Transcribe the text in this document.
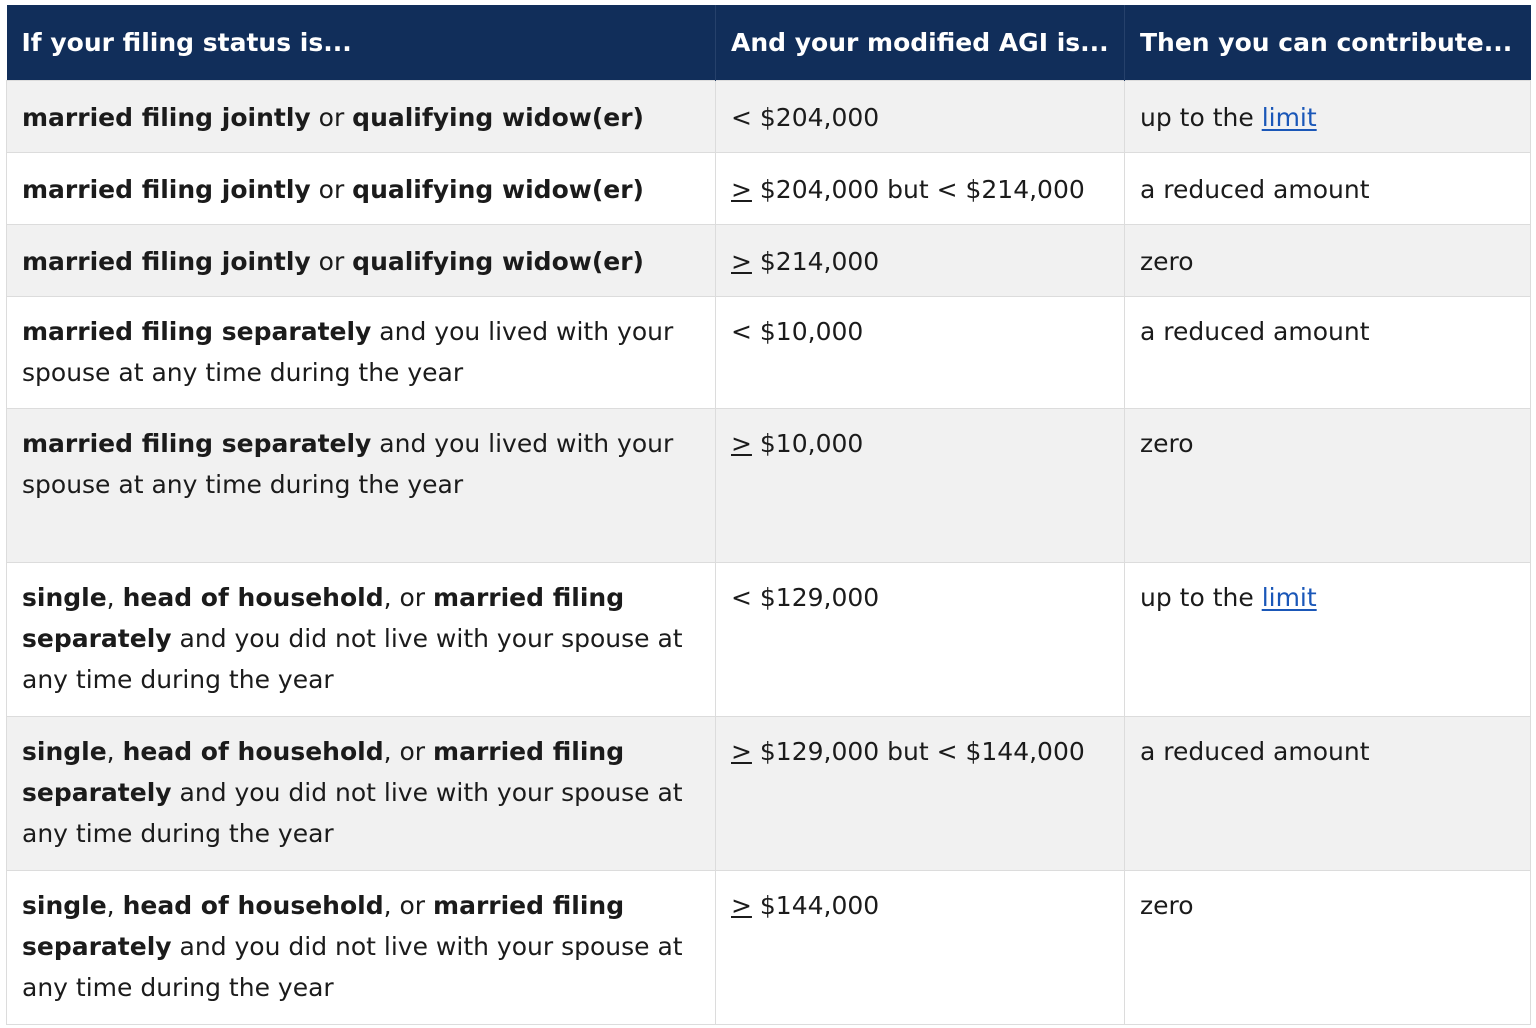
If your filing status is...	And your modified AGI is...	Then you can contribute...
married filing jointly or qualifying widow(er)	< $204,000	up to the limit
married filing jointly or qualifying widow(er)	> $204,000 but < $214,000	a reduced amount
married filing jointly or qualifying widow(er)	> $214,000	zero
married filing separately and you lived with your spouse at any time during the year	< $10,000	a reduced amount
married filing separately and you lived with your spouse at any time during the year	> $10,000	zero
single, head of household, or married filing separately and you did not live with your spouse at any time during the year	< $129,000	up to the limit
single, head of household, or married filing separately and you did not live with your spouse at any time during the year	> $129,000 but < $144,000	a reduced amount
single, head of household, or married filing separately and you did not live with your spouse at any time during the year	> $144,000	zero
